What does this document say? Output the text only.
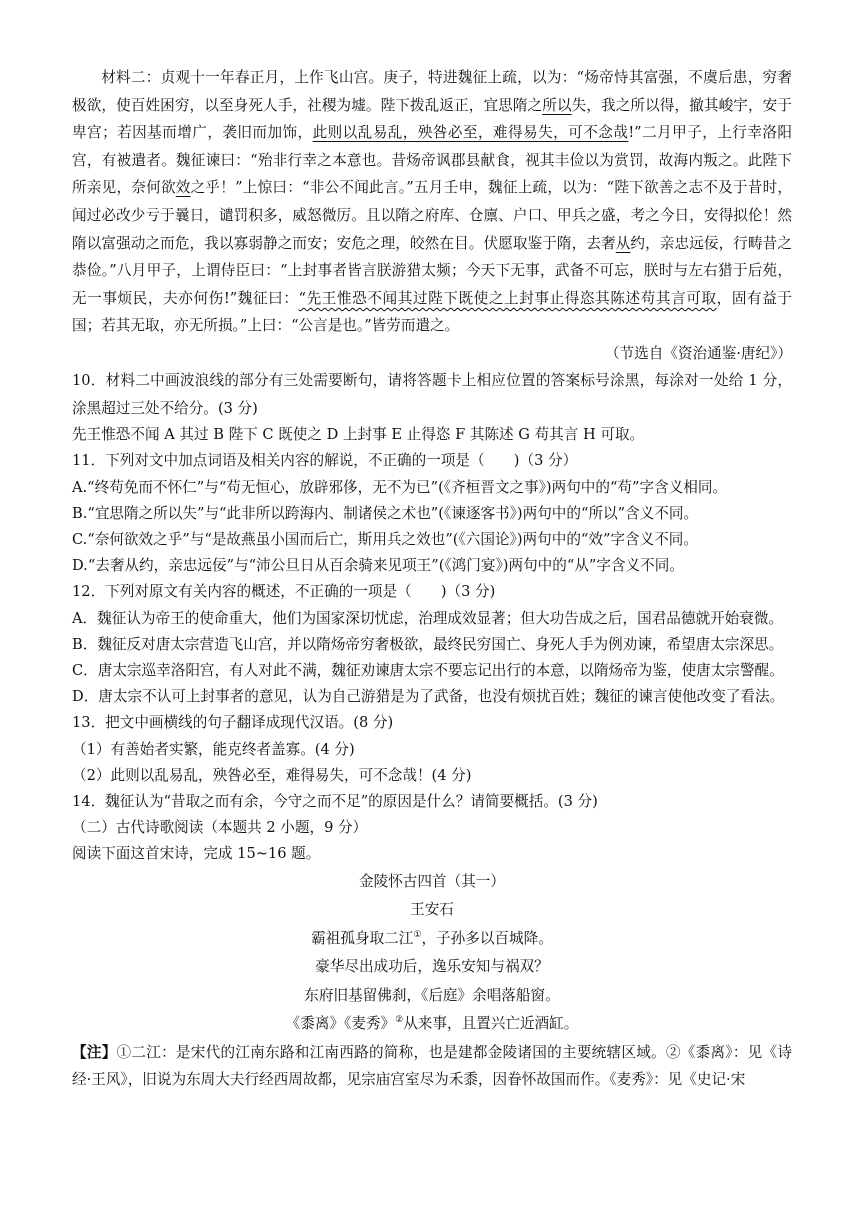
材料二：贞观十一年春正月，上作飞山宫。庚子，特进魏征上疏，以为：“炀帝恃其富强，不虞后患，穷奢极欲，使百姓困穷，以至身死人手，社稷为墟。陛下拨乱返正，宜思隋之所以失，我之所以得，撤其峻宇，安于卑宫；若因基而增广，袭旧而加饰，此则以乱易乱，殃咎必至，难得易失，可不念哉!”二月甲子，上行幸洛阳宫，有被遣者。魏征谏曰：“殆非行幸之本意也。昔炀帝讽郡县献食，视其丰俭以为赏罚，故海内叛之。此陛下所亲见，奈何欲效之乎！”上惊曰：“非公不闻此言。”五月壬申，魏征上疏，以为：“陛下欲善之志不及于昔时，闻过必改少亏于曩日，谴罚积多，威怒微厉。且以隋之府库、仓廪、户口、甲兵之盛，考之今日，安得拟伦！然隋以富强动之而危，我以寡弱静之而安；安危之理，皎然在目。伏愿取鉴于隋，去奢从约，亲忠远佞，行畴昔之恭俭。”八月甲子，上谓侍臣曰：“上封事者皆言朕游猎太频；今天下无事，武备不可忘，朕时与左右猎于后苑，无一事烦民，夫亦何伤!”魏征曰：“先王惟恐不闻其过陛下既使之上封事止得恣其陈述苟其言可取，固有益于国；若其无取，亦无所损。”上曰：“公言是也。”皆劳而遣之。

（节选自《资治通鉴·唐纪》）

10．材料二中画波浪线的部分有三处需要断句，请将答题卡上相应位置的答案标号涂黑，每涂对一处给 1 分，涂黑超过三处不给分。(3 分)

先王惟恐不闻 A 其过 B 陛下 C 既使之 D 上封事 E 止得恣 F 其陈述 G 苟其言 H 可取。

11．下列对文中加点词语及相关内容的解说，不正确的一项是（　　)（3 分）

A.“终苟免而不怀仁”与“苟无恒心，放辟邪侈，无不为已”(《齐桓晋文之事》)两句中的“苟”字含义相同。

B.“宜思隋之所以失”与“此非所以跨海内、制诸侯之术也”(《谏逐客书》)两句中的“所以”含义不同。

C.“奈何欲效之乎”与“是故燕虽小国而后亡，斯用兵之效也”(《六国论》)两句中的“效”字含义不同。

D.“去奢从约，亲忠远佞”与“沛公旦日从百余骑来见项王”(《鸿门宴》)两句中的“从”字含义不同。

12．下列对原文有关内容的概述，不正确的一项是（　　)（3 分)

A．魏征认为帝王的使命重大，他们为国家深切忧虑，治理成效显著；但大功告成之后，国君品德就开始衰微。

B．魏征反对唐太宗营造飞山宫，并以隋炀帝穷奢极欲，最终民穷国亡、身死人手为例劝谏，希望唐太宗深思。

C．唐太宗巡幸洛阳宫，有人对此不满，魏征劝谏唐太宗不要忘记出行的本意，以隋炀帝为鉴，使唐太宗警醒。

D．唐太宗不认可上封事者的意见，认为自己游猎是为了武备，也没有烦扰百姓；魏征的谏言使他改变了看法。

13．把文中画横线的句子翻译成现代汉语。(8 分)

（1）有善始者实繁，能克终者盖寡。(4 分)

（2）此则以乱易乱，殃咎必至，难得易失，可不念哉！(4 分)

14．魏征认为“昔取之而有余，今守之而不足”的原因是什么？请简要概括。(3 分)

（二）古代诗歌阅读（本题共 2 小题，9 分）

阅读下面这首宋诗，完成 15~16 题。

金陵怀古四首（其一）

王安石

霸祖孤身取二江①，子孙多以百城降。

豪华尽出成功后，逸乐安知与祸双？

东府旧基留佛刹，《后庭》余唱落船窗。

《黍离》《麦秀》②从来事，且置兴亡近酒缸。

【注】①二江：是宋代的江南东路和江南西路的简称，也是建都金陵诸国的主要统辖区域。②《黍离》：见《诗经·王风》，旧说为东周大夫行经西周故都，见宗庙宫室尽为禾黍，因眷怀故国而作。《麦秀》：见《史记·宋
